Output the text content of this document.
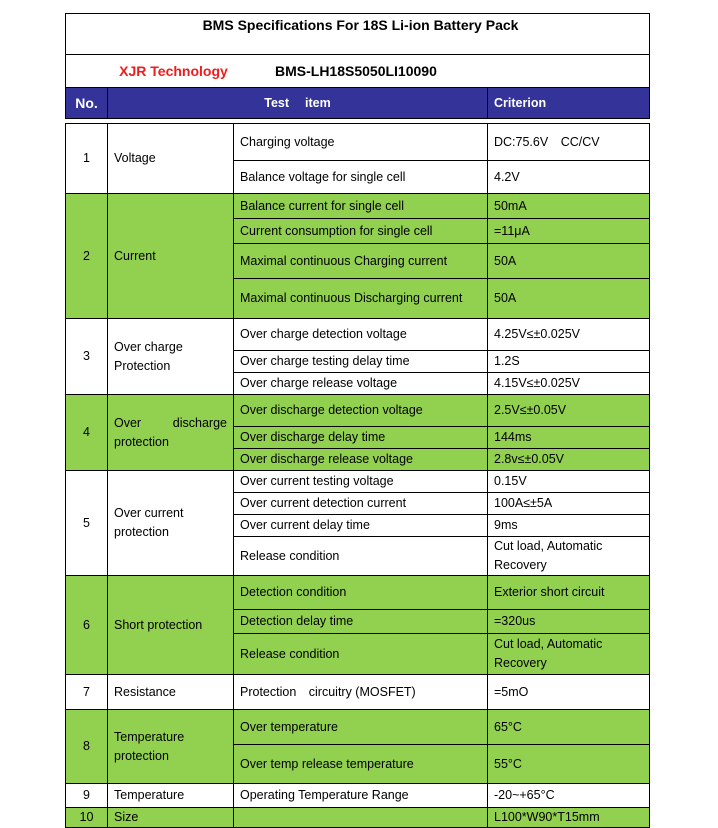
BMS Specifications For 18S Li-ion Battery Pack			
XJR Technology BMS-LH18S5050LI10090			
No.	Test　 item		Criterion

1	Voltage	Charging voltage	DC:75.6V　CC/CV
		Balance voltage for single cell	4.2V
2	Current	Balance current for single cell	50mA
		Current consumption for single cell	=11μA
		Maximal continuous Charging current	50A
		Maximal continuous Discharging current	50A
3	Over charge Protection	Over charge detection voltage	4.25V≤±0.025V
		Over charge testing delay time	1.2S
		Over charge release voltage	4.15V≤±0.025V
4	Over discharge protection	Over discharge detection voltage	2.5V≤±0.05V
		Over discharge delay time	144ms
		Over discharge release voltage	2.8v≤±0.05V
5	Over current protection	Over current testing voltage	0.15V
		Over current detection current	100A≤±5A
		Over current delay time	9ms
		Release condition	Cut load, Automatic Recovery
6	Short protection	Detection condition	Exterior short circuit
		Detection delay time	=320us
		Release condition	Cut load, Automatic Recovery
7	Resistance	Protection　circuitry (MOSFET)	=5mO
8	Temperature protection	Over temperature	65°C
		Over temp release temperature	55°C
9	Temperature	Operating Temperature Range	-20~+65°C
10	Size		L100*W90*T15mm
